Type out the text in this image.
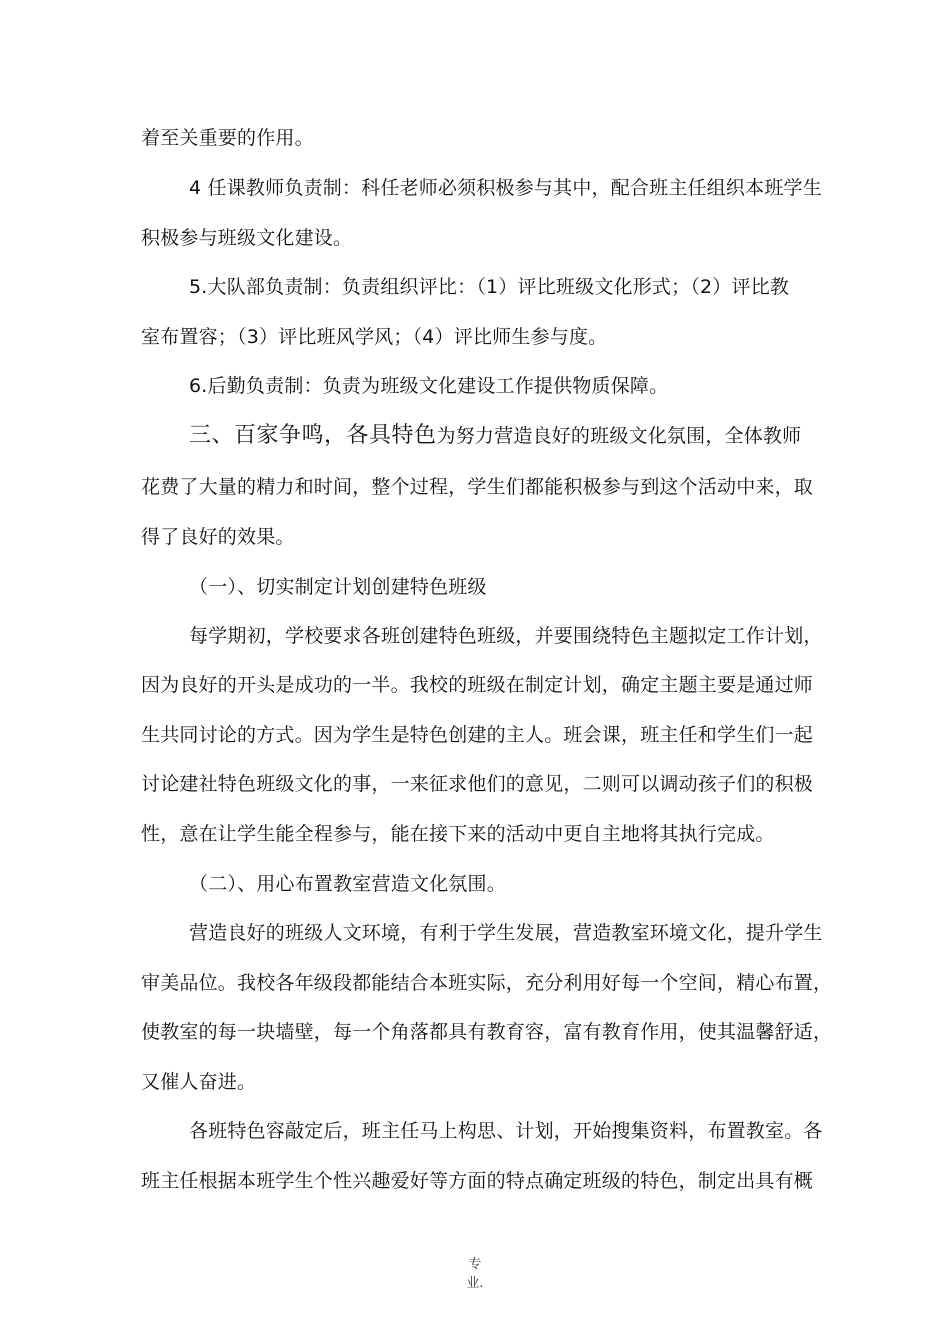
着至关重要的作用。
4 任课教师负责制：科任老师必须积极参与其中，配合班主任组织本班学生
积极参与班级文化建设。
5.大队部负责制：负责组织评比：（1）评比班级文化形式；（2）评比教
室布置容；（3）评比班风学风；（4）评比师生参与度。
6.后勤负责制：负责为班级文化建设工作提供物质保障。
三、百家争鸣，各具特色为努力营造良好的班级文化氛围，全体教师
花费了大量的精力和时间，整个过程，学生们都能积极参与到这个活动中来，取
得了良好的效果。
（一）、切实制定计划创建特色班级
每学期初，学校要求各班创建特色班级，并要围绕特色主题拟定工作计划，
因为良好的开头是成功的一半。我校的班级在制定计划，确定主题主要是通过师
生共同讨论的方式。因为学生是特色创建的主人。班会课，班主任和学生们一起
讨论建社特色班级文化的事，一来征求他们的意见，二则可以调动孩子们的积极
性，意在让学生能全程参与，能在接下来的活动中更自主地将其执行完成。
（二）、用心布置教室营造文化氛围。
营造良好的班级人文环境，有利于学生发展，营造教室环境文化，提升学生
审美品位。我校各年级段都能结合本班实际，充分利用好每一个空间，精心布置，
使教室的每一块墙壁，每一个角落都具有教育容，富有教育作用，使其温馨舒适，
又催人奋进。
各班特色容敲定后，班主任马上构思、计划，开始搜集资料，布置教室。各
班主任根据本班学生个性兴趣爱好等方面的特点确定班级的特色，制定出具有概
专
业.
